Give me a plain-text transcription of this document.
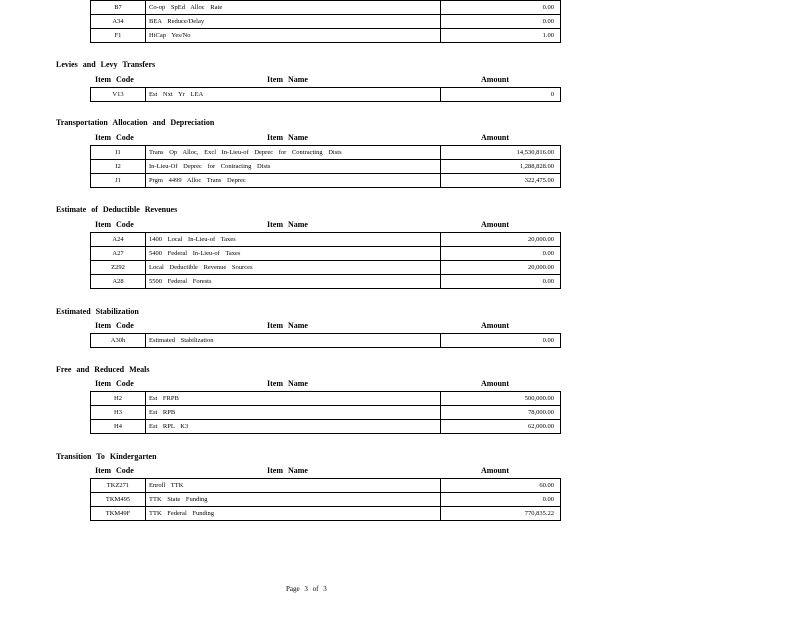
B7	Co-op SpEd Alloc Rate	0.00
A34	BEA Reduce/Delay	0.00
F1	HiCap Yes/No	1.00
Levies and Levy Transfers
Item Code	Item Name	Amount
V13	Est Nxt Yr LEA	0
Transportation Allocation and Depreciation
Item Code	Item Name	Amount
I1	Trans Op Alloc, Excl In-Lieu-of Deprec for Contracting Dists	14,530,816.00
I2	In-Lieu-Of Deprec for Contracting Dists	1,288,828.00
J1	Prgm 4499 Alloc Trans Deprec	322,475.00
Estimate of Deductible Revenues
Item Code	Item Name	Amount
A24	1400 Local In-Lieu-of Taxes	20,000.00
A27	5400 Federal In-Lieu-of Taxes	0.00
Z292	Local Deductible Revenue Sources	20,000.00
A28	5500 Federal Forests	0.00
Estimated Stabilization
Item Code	Item Name	Amount
A30h	Estimated Stabilization	0.00
Free and Reduced Meals
Item Code	Item Name	Amount
H2	Est FRPB	500,000.00
H3	Est RPB	78,000.00
H4	Est RPL K3	62,000.00
Transition To Kindergarten
Item Code	Item Name	Amount
TKZ271	Enroll TTK	60.00
TKM495	TTK State Funding	0.00
TKM49F	TTK Federal Funding	770,835.22
Page 3 of 3
